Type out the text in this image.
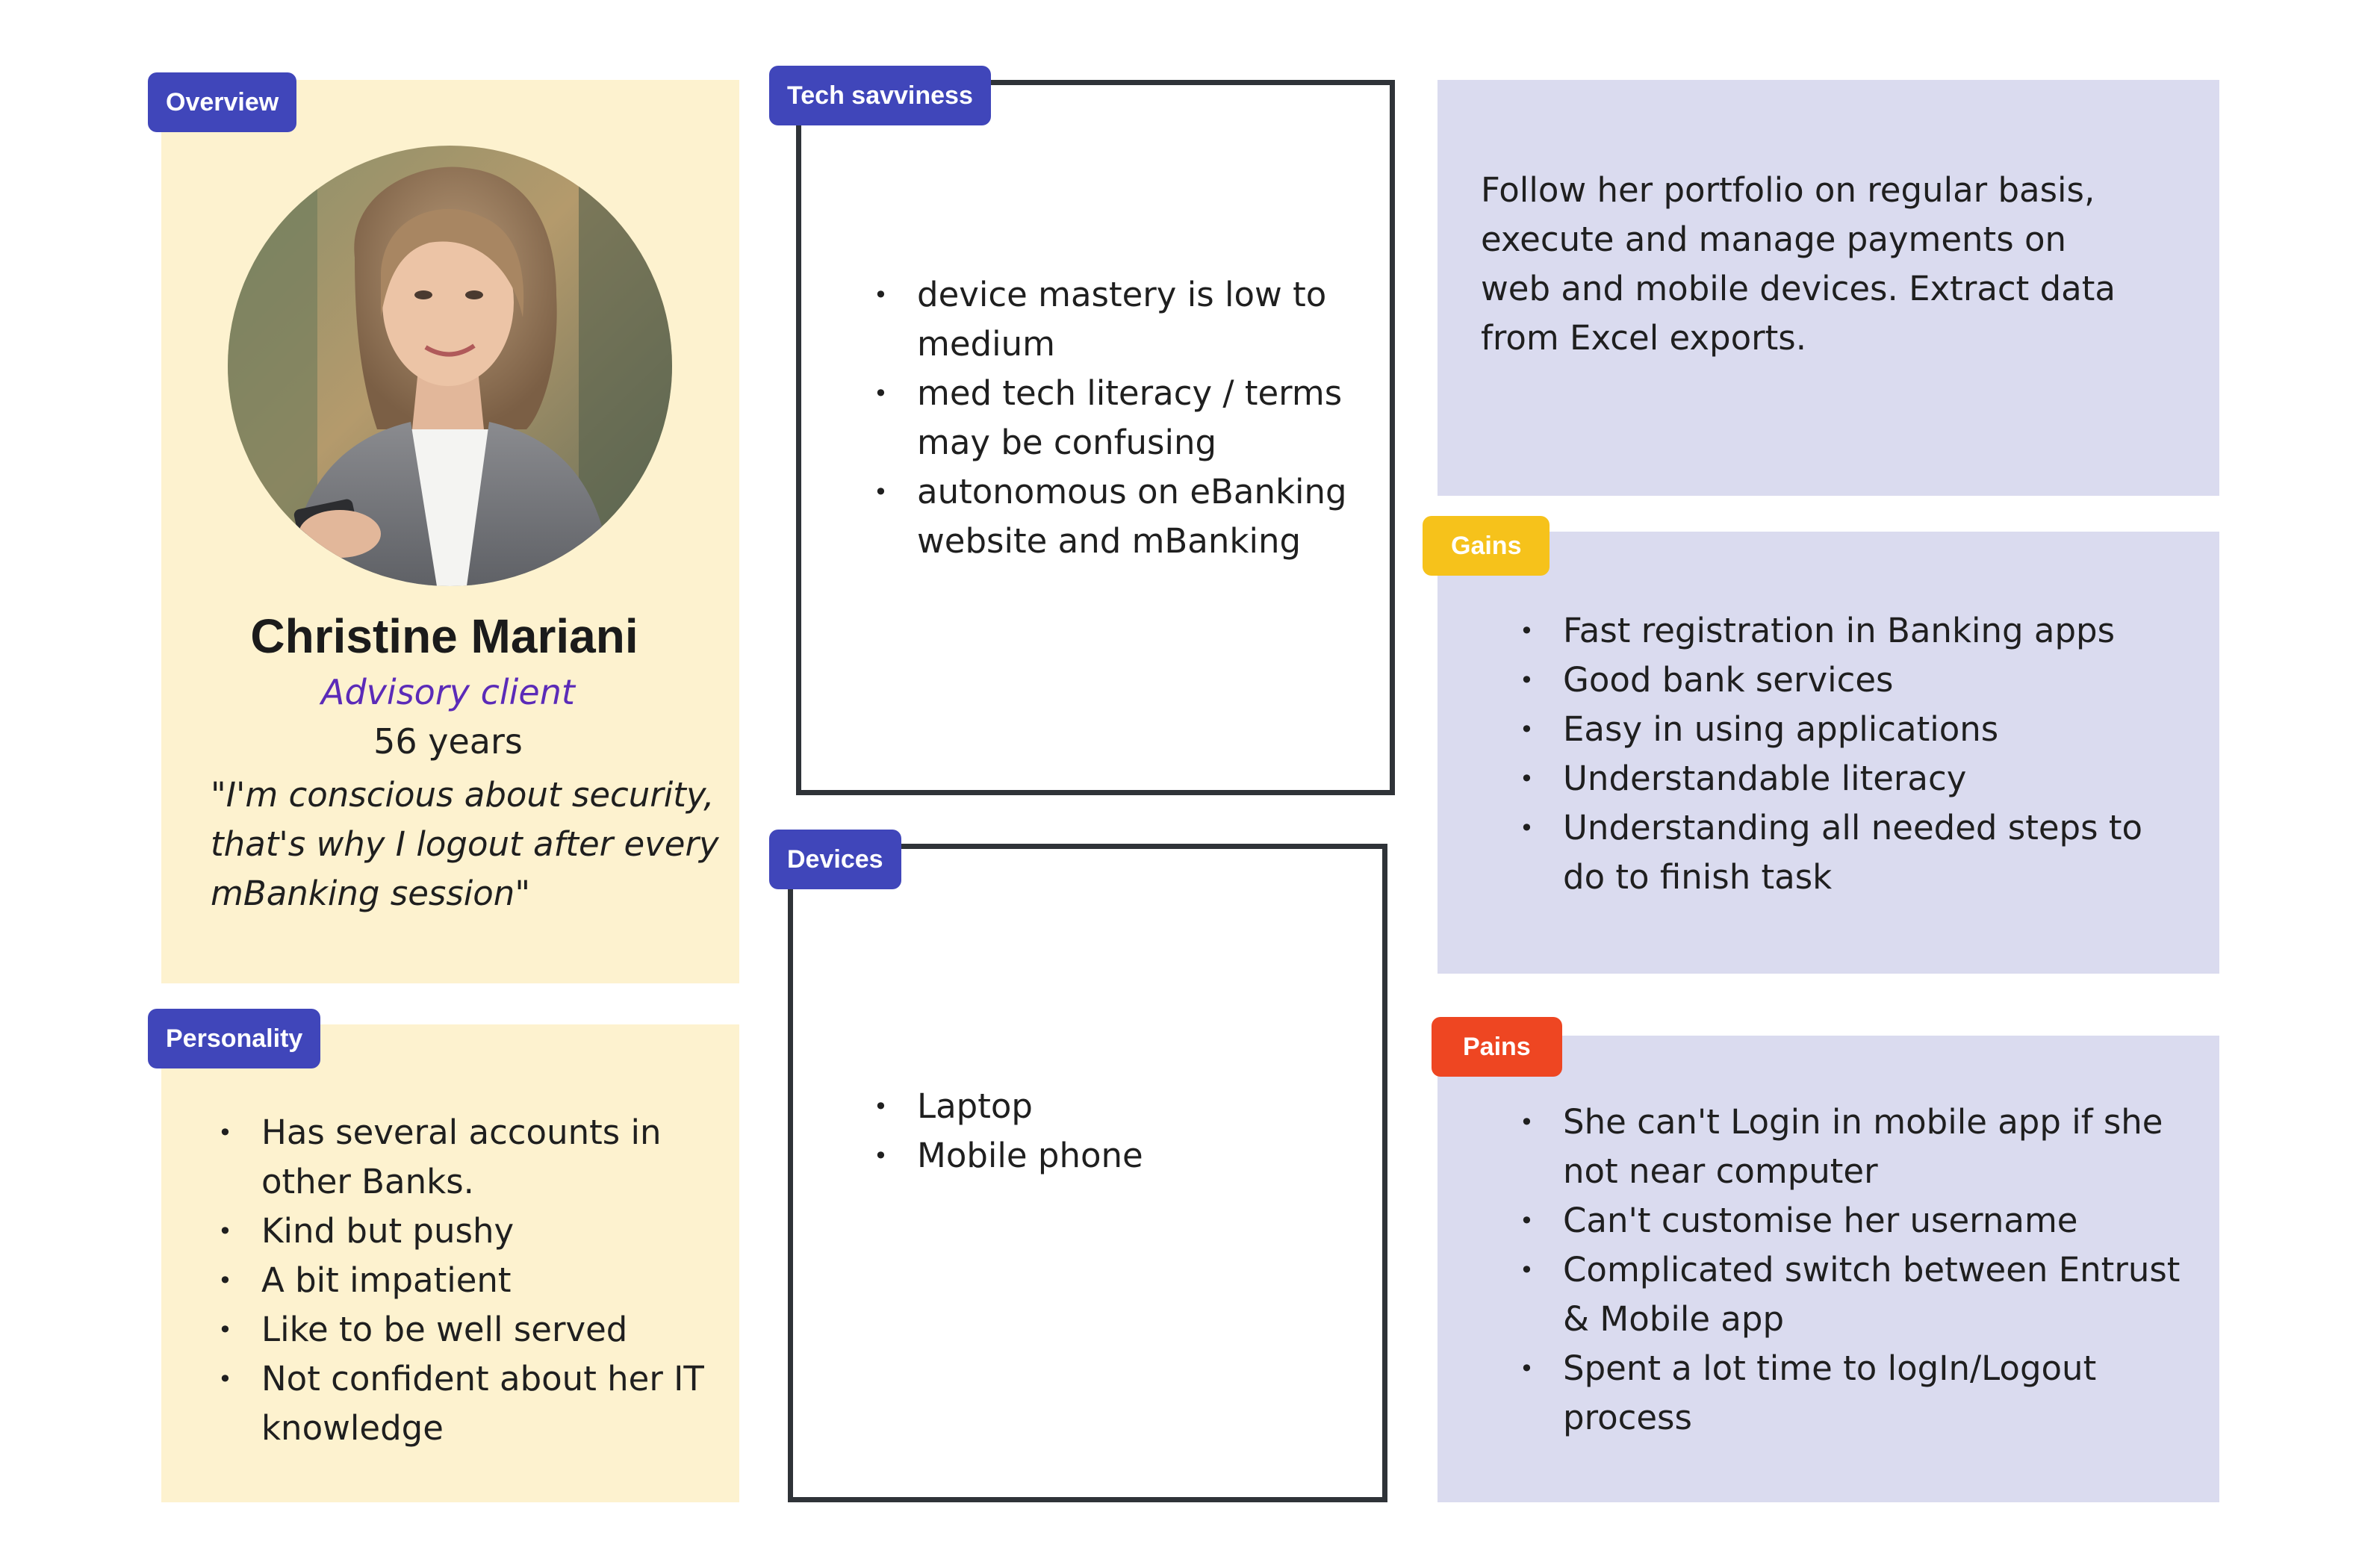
Overview
Christine Mariani
Advisory client
56 years
"I'm conscious about security, that's why I logout after every mBanking session"
• Has several accounts in other Banks.
• Kind but pushy
• A bit impatient
• Like to be well served
• Not confident about her IT knowledge
Personality
• device mastery is low to medium
• med tech literacy / terms may be confusing
• autonomous on eBanking website and mBanking
Tech savviness
• Laptop
• Mobile phone
Devices
Follow her portfolio on regular basis, execute and manage payments on web and mobile devices. Extract data from Excel exports.
• Fast registration in Banking apps
• Good bank services
• Easy in using applications
• Understandable literacy
• Understanding all needed steps to do to finish task
Gains
• She can't Login in mobile app if she not near computer
• Can't customise her username
• Complicated switch between Entrust & Mobile app
• Spent a lot time to logIn/Logout process
Pains
